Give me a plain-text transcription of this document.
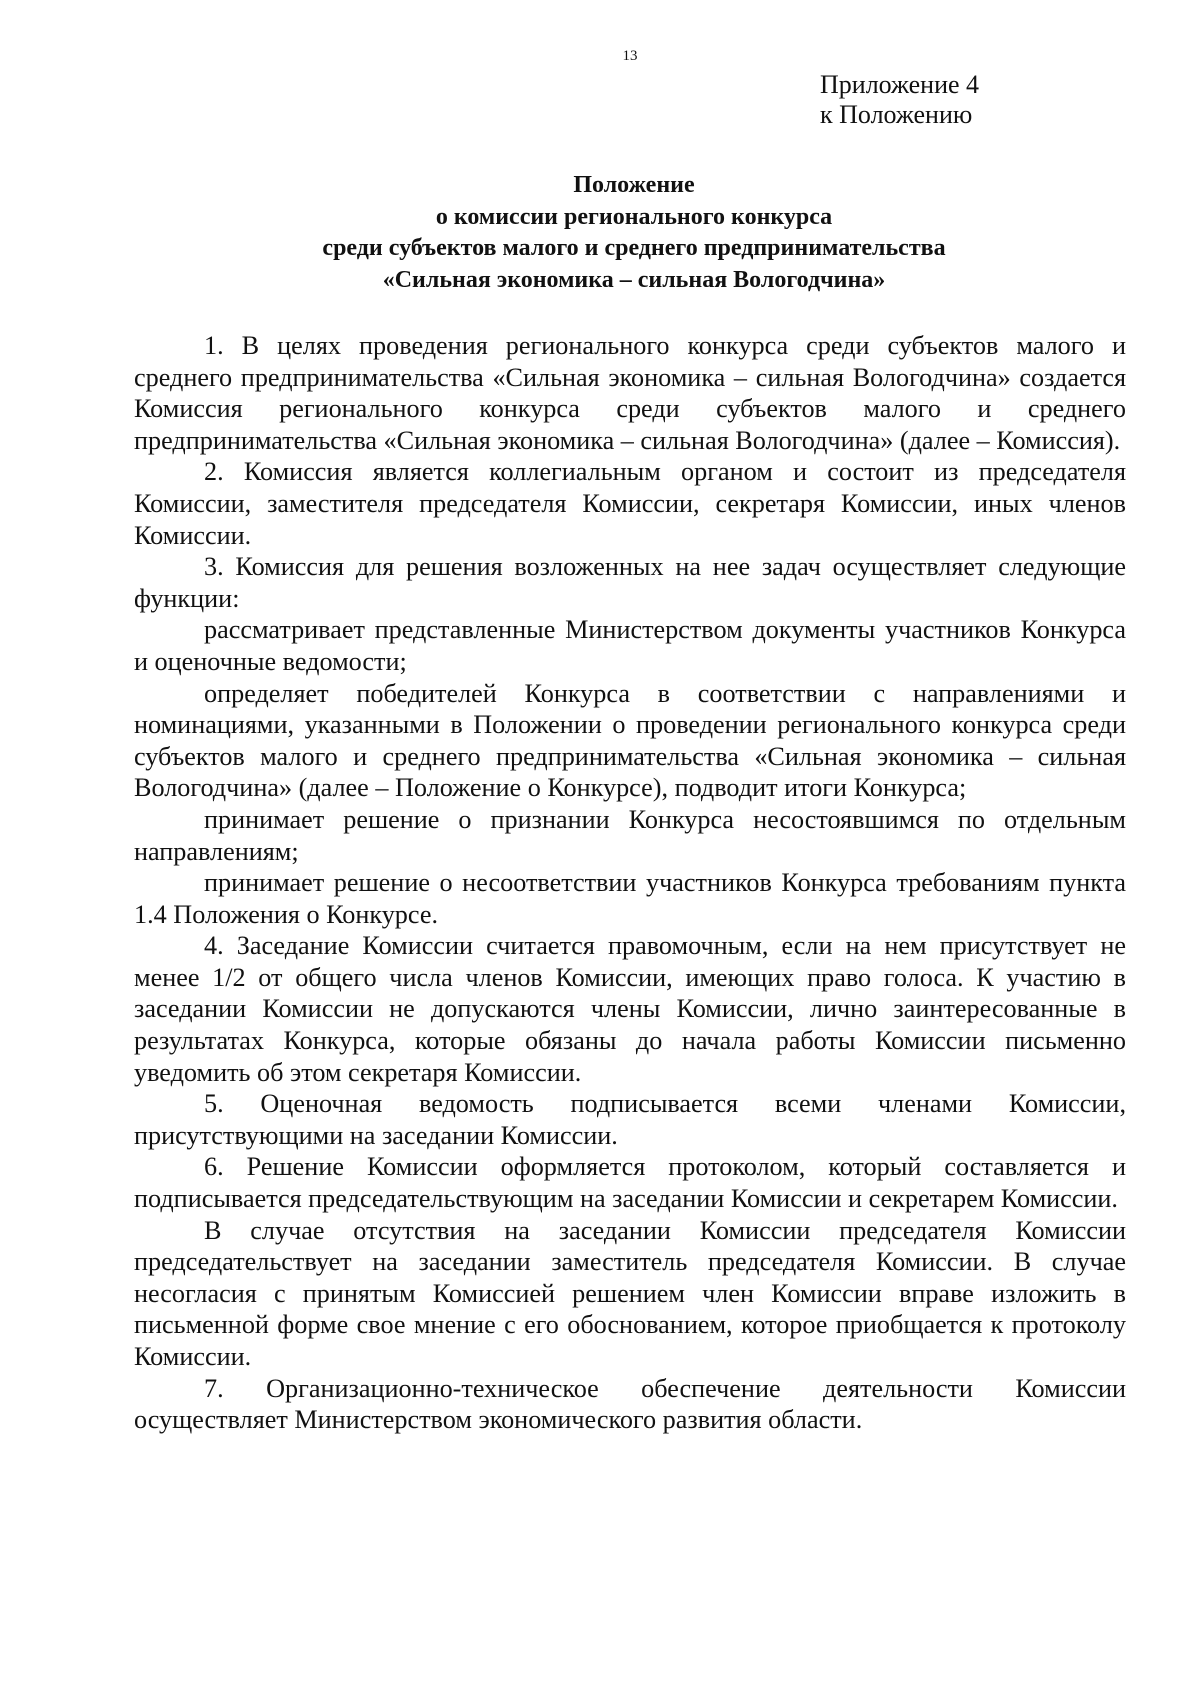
13
Приложение 4
к Положению
Положение
о комиссии регионального конкурса
среди субъектов малого и среднего предпринимательства
«Сильная экономика – сильная Вологодчина»

1. В целях проведения регионального конкурса среди субъектов малого и среднего предпринимательства «Сильная экономика – сильная Вологодчина» создается Комиссия регионального конкурса среди субъектов малого и среднего предпринимательства «Сильная экономика – сильная Вологодчина» (далее – Комиссия).

2. Комиссия является коллегиальным органом и состоит из председателя Комиссии, заместителя председателя Комиссии, секретаря Комиссии, иных членов Комиссии.

3. Комиссия для решения возложенных на нее задач осуществляет следующие функции:

рассматривает представленные Министерством документы участников Конкурса и оценочные ведомости;

определяет победителей Конкурса в соответствии с направлениями и номинациями, указанными в Положении о проведении регионального конкурса среди субъектов малого и среднего предпринимательства «Сильная экономика – сильная Вологодчина» (далее – Положение о Конкурсе), подводит итоги Конкурса;

принимает решение о признании Конкурса несостоявшимся по отдельным направлениям;

принимает решение о несоответствии участников Конкурса требованиям пункта 1.4 Положения о Конкурсе.

4. Заседание Комиссии считается правомочным, если на нем присутствует не менее 1/2 от общего числа членов Комиссии, имеющих право голоса. К участию в заседании Комиссии не допускаются члены Комиссии, лично заинтересованные в результатах Конкурса, которые обязаны до начала работы Комиссии письменно уведомить об этом секретаря Комиссии.

5. Оценочная ведомость подписывается всеми членами Комиссии, присутствующими на заседании Комиссии.

6. Решение Комиссии оформляется протоколом, который составляется и подписывается председательствующим на заседании Комиссии и секретарем Комиссии.

В случае отсутствия на заседании Комиссии председателя Комиссии председательствует на заседании заместитель председателя Комиссии. В случае несогласия с принятым Комиссией решением член Комиссии вправе изложить в письменной форме свое мнение с его обоснованием, которое приобщается к протоколу Комиссии.

7. Организационно-техническое обеспечение деятельности Комиссии осуществляет Министерством экономического развития области.
